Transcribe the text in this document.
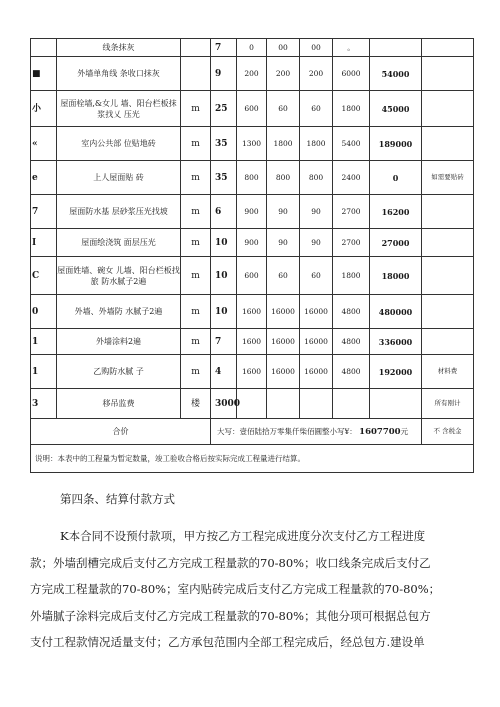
	线条抹灰		7	0	00	00	。		
■	外墙单角线 条收口抹灰		9	200	200	200	6000	54000	
小	屋面栓墙,&女儿 墙、阳台栏板抹浆找乂 压光	m	25	600	60	60	1800	45000	
«	室内公共部 位贴地砖	m	35	1300	1800	1800	5400	189000	
e	上人屋面贴 砖	m	35	800	800	800	2400	0	如需要贴砖
7	屋面防水基 层砂浆压光找坡	m	6	900	90	90	2700	16200	
I	屋面绘浇筑 面层压光	m	10	900	90	90	2700	27000	
C	屋面姓墙、碗女 儿墙、阳台栏板找旅 防水腻子2遍	m	10	600	60	60	1800	18000	
0	外墙、外墙防 水腻子2遍	m	10	1600	16000	16000	4800	480000	
1	外墙涂料2遍	m	7	1600	16000	16000	4800	336000	
1	乙购防水腻 子	m	4	1600	16000	16000	4800	192000	材料费
3	移吊监费	楼	3000						所有刚计
合价			大写：壹佰陆拾万零集仟柴佰圓整小写¥： 1607700元						不 含税金
说明：本表中的工程量为暂定数量，竣工验收合格后按实际完成工程量进行结算。									
第四条、结算付款方式

K本合同不设预付款项，甲方按乙方工程完成进度分次支付乙方工程进度

款；外墙刮槽完成后支付乙方完成工程量款的70-80%；收口线条完成后支付乙

方完成工程量款的70-80%；室内贴砖完成后支付乙方完成工程量款的70-80%；

外墙腻子涂料完成后支付乙方完成工程量款的70-80%；其他分项可根据总包方

支付工程款情况适量支付；乙方承包范围内全部工程完成后，经总包方.建设单
